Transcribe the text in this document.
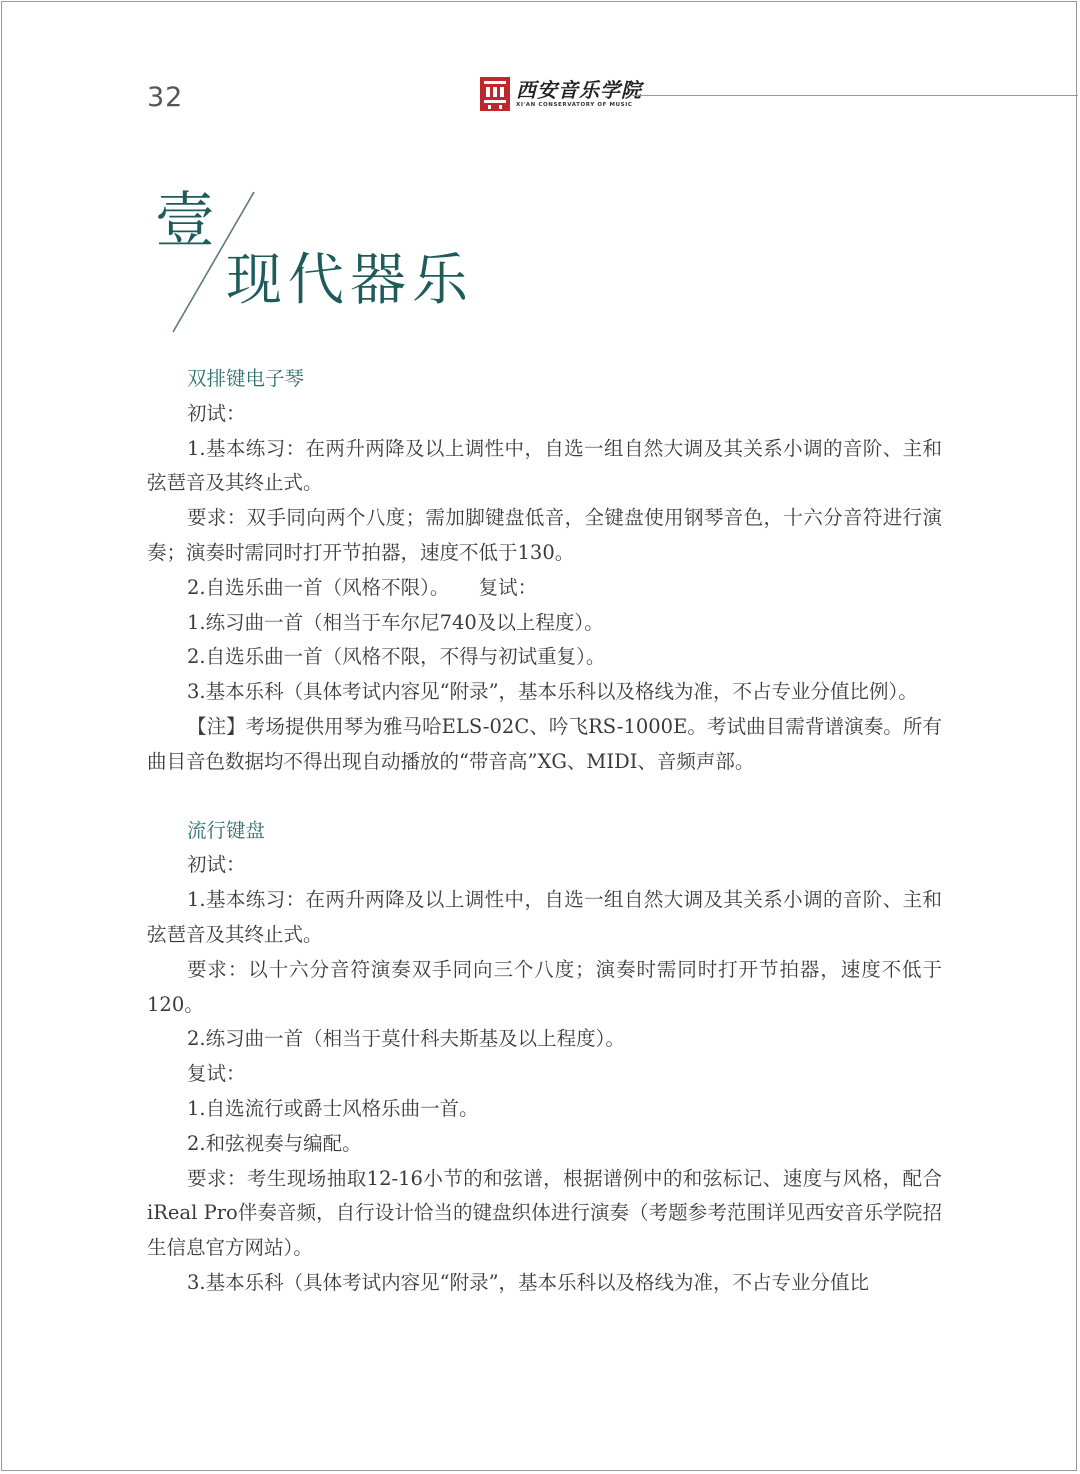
32	西安音乐学院
XI'AN CONSERVATORY OF MUSIC
壹
现代器乐
双排键电子琴

初试：

1.基本练习：在两升两降及以上调性中，自选一组自然大调及其关系小调的音阶、主和弦琶音及其终止式。

要求：双手同向两个八度；需加脚键盘低音，全键盘使用钢琴音色，十六分音符进行演奏；演奏时需同时打开节拍器，速度不低于130。

2.自选乐曲一首（风格不限）。　　复试：

1.练习曲一首（相当于车尔尼740及以上程度）。

2.自选乐曲一首（风格不限，不得与初试重复）。

3.基本乐科（具体考试内容见“附录”，基本乐科以及格线为准，不占专业分值比例）。

【注】考场提供用琴为雅马哈ELS-02C、吟飞RS-1000E。考试曲目需背谱演奏。所有曲目音色数据均不得出现自动播放的“带音高”XG、MIDI、音频声部。

流行键盘

初试：

1.基本练习：在两升两降及以上调性中，自选一组自然大调及其关系小调的音阶、主和弦琶音及其终止式。

要求：以十六分音符演奏双手同向三个八度；演奏时需同时打开节拍器，速度不低于120。

2.练习曲一首（相当于莫什科夫斯基及以上程度）。

复试：

1.自选流行或爵士风格乐曲一首。

2.和弦视奏与编配。

要求：考生现场抽取12-16小节的和弦谱，根据谱例中的和弦标记、速度与风格，配合iReal Pro伴奏音频，自行设计恰当的键盘织体进行演奏（考题参考范围详见西安音乐学院招生信息官方网站）。

3.基本乐科（具体考试内容见“附录”，基本乐科以及格线为准，不占专业分值比
